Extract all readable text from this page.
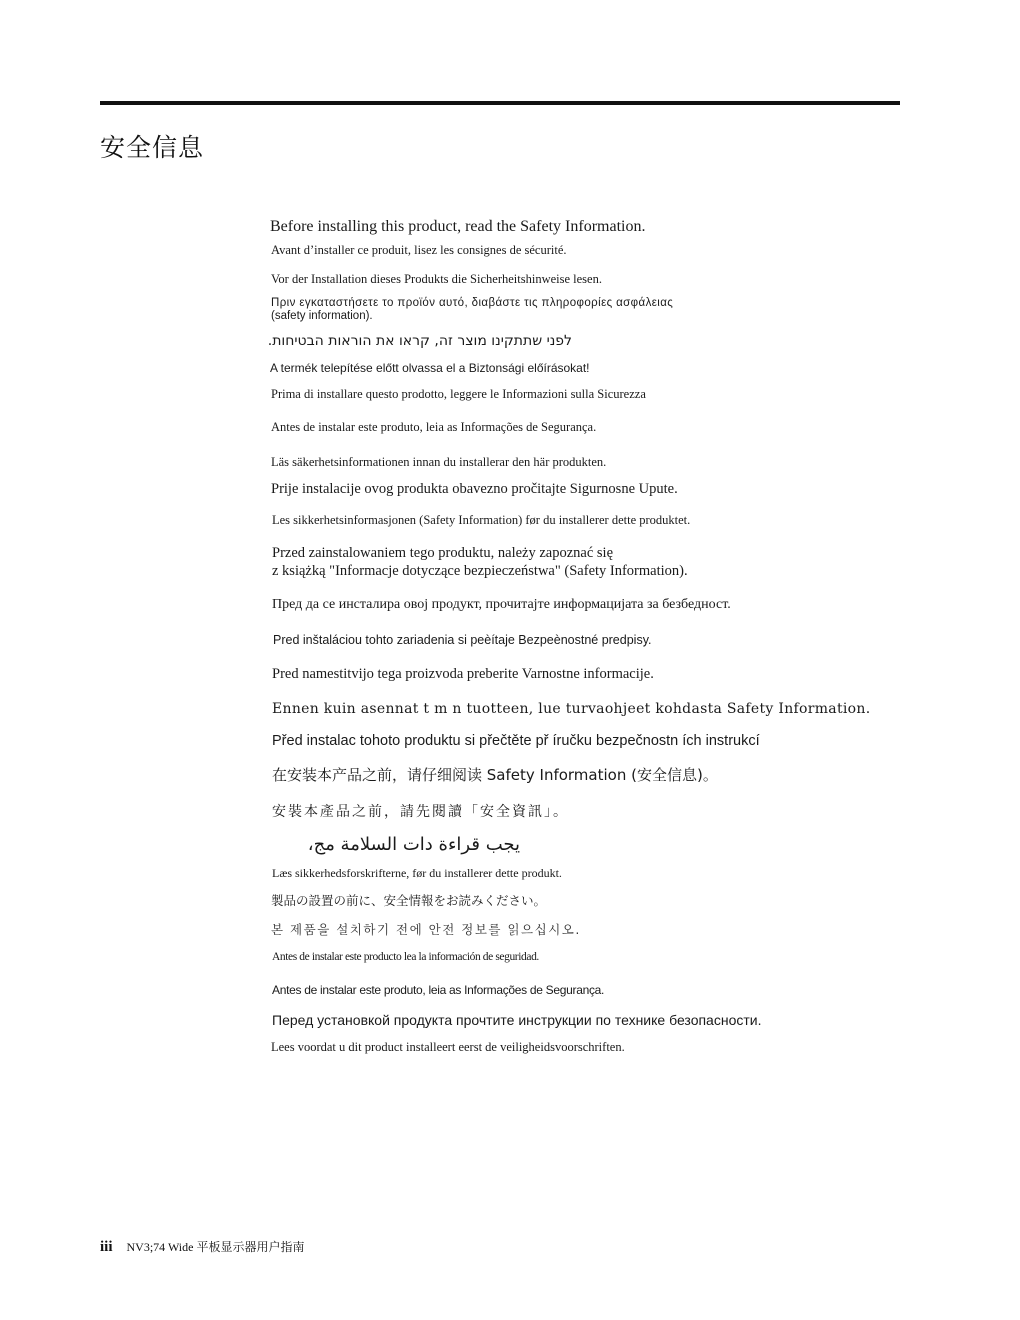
安全信息
Before installing this product, read the Safety Information.
Avant d’installer ce produit, lisez les consignes de sécurité.
Vor der Installation dieses Produkts die Sicherheitshinweise lesen.
Πριν εγκαταστήσετε το προϊόν αυτό, διαβάστε τις πληροφορίες ασφάλειας
(safety information).
לפני שתתקינו מוצר זה, קראו את הוראות הבטיחות.
A termék telepítése előtt olvassa el a Biztonsági előírásokat!
Prima di installare questo prodotto, leggere le Informazioni sulla Sicurezza
Antes de instalar este produto, leia as Informações de Segurança.
Läs säkerhetsinformationen innan du installerar den här produkten.
Prije instalacije ovog produkta obavezno pročitajte Sigurnosne Upute.
Les sikkerhetsinformasjonen (Safety Information) før du installerer dette produktet.
Przed zainstalowaniem tego produktu, należy zapoznać się
z książką "Informacje dotyczące bezpieczeństwa" (Safety Information).
Пред да се инсталира овој продукт, прочитајте информацијата за безбедност.
Pred inštaláciou tohto zariadenia si peèítaje Bezpeènostné predpisy.
Pred namestitvijo tega proizvoda preberite Varnostne informacije.
Ennen kuin asennat t m n tuotteen, lue turvaohjeet kohdasta Safety Information.
Před instalac tohoto produktu si přečtěte př íručku bezpečnostn ích instrukcí
在安装本产品之前，请仔细阅读 Safety Information (安全信息)。
安裝本產品之前，請先閱讀「安全資訊」。
يجب قراءة دات السلامة مج،
Læs sikkerhedsforskrifterne, før du installerer dette produkt.
製品の設置の前に、安全情報をお読みください。
본 제품을 설치하기 전에 안전 정보를 읽으십시오.
Antes de instalar este producto lea la información de seguridad.
Antes de instalar este produto, leia as Informações de Segurança.
Перед установкой продукта прочтите инструкции по технике безопасности.
Lees voordat u dit product installeert eerst de veiligheidsvoorschriften.
iii NV3;74 Wide 平板显示器用户指南
